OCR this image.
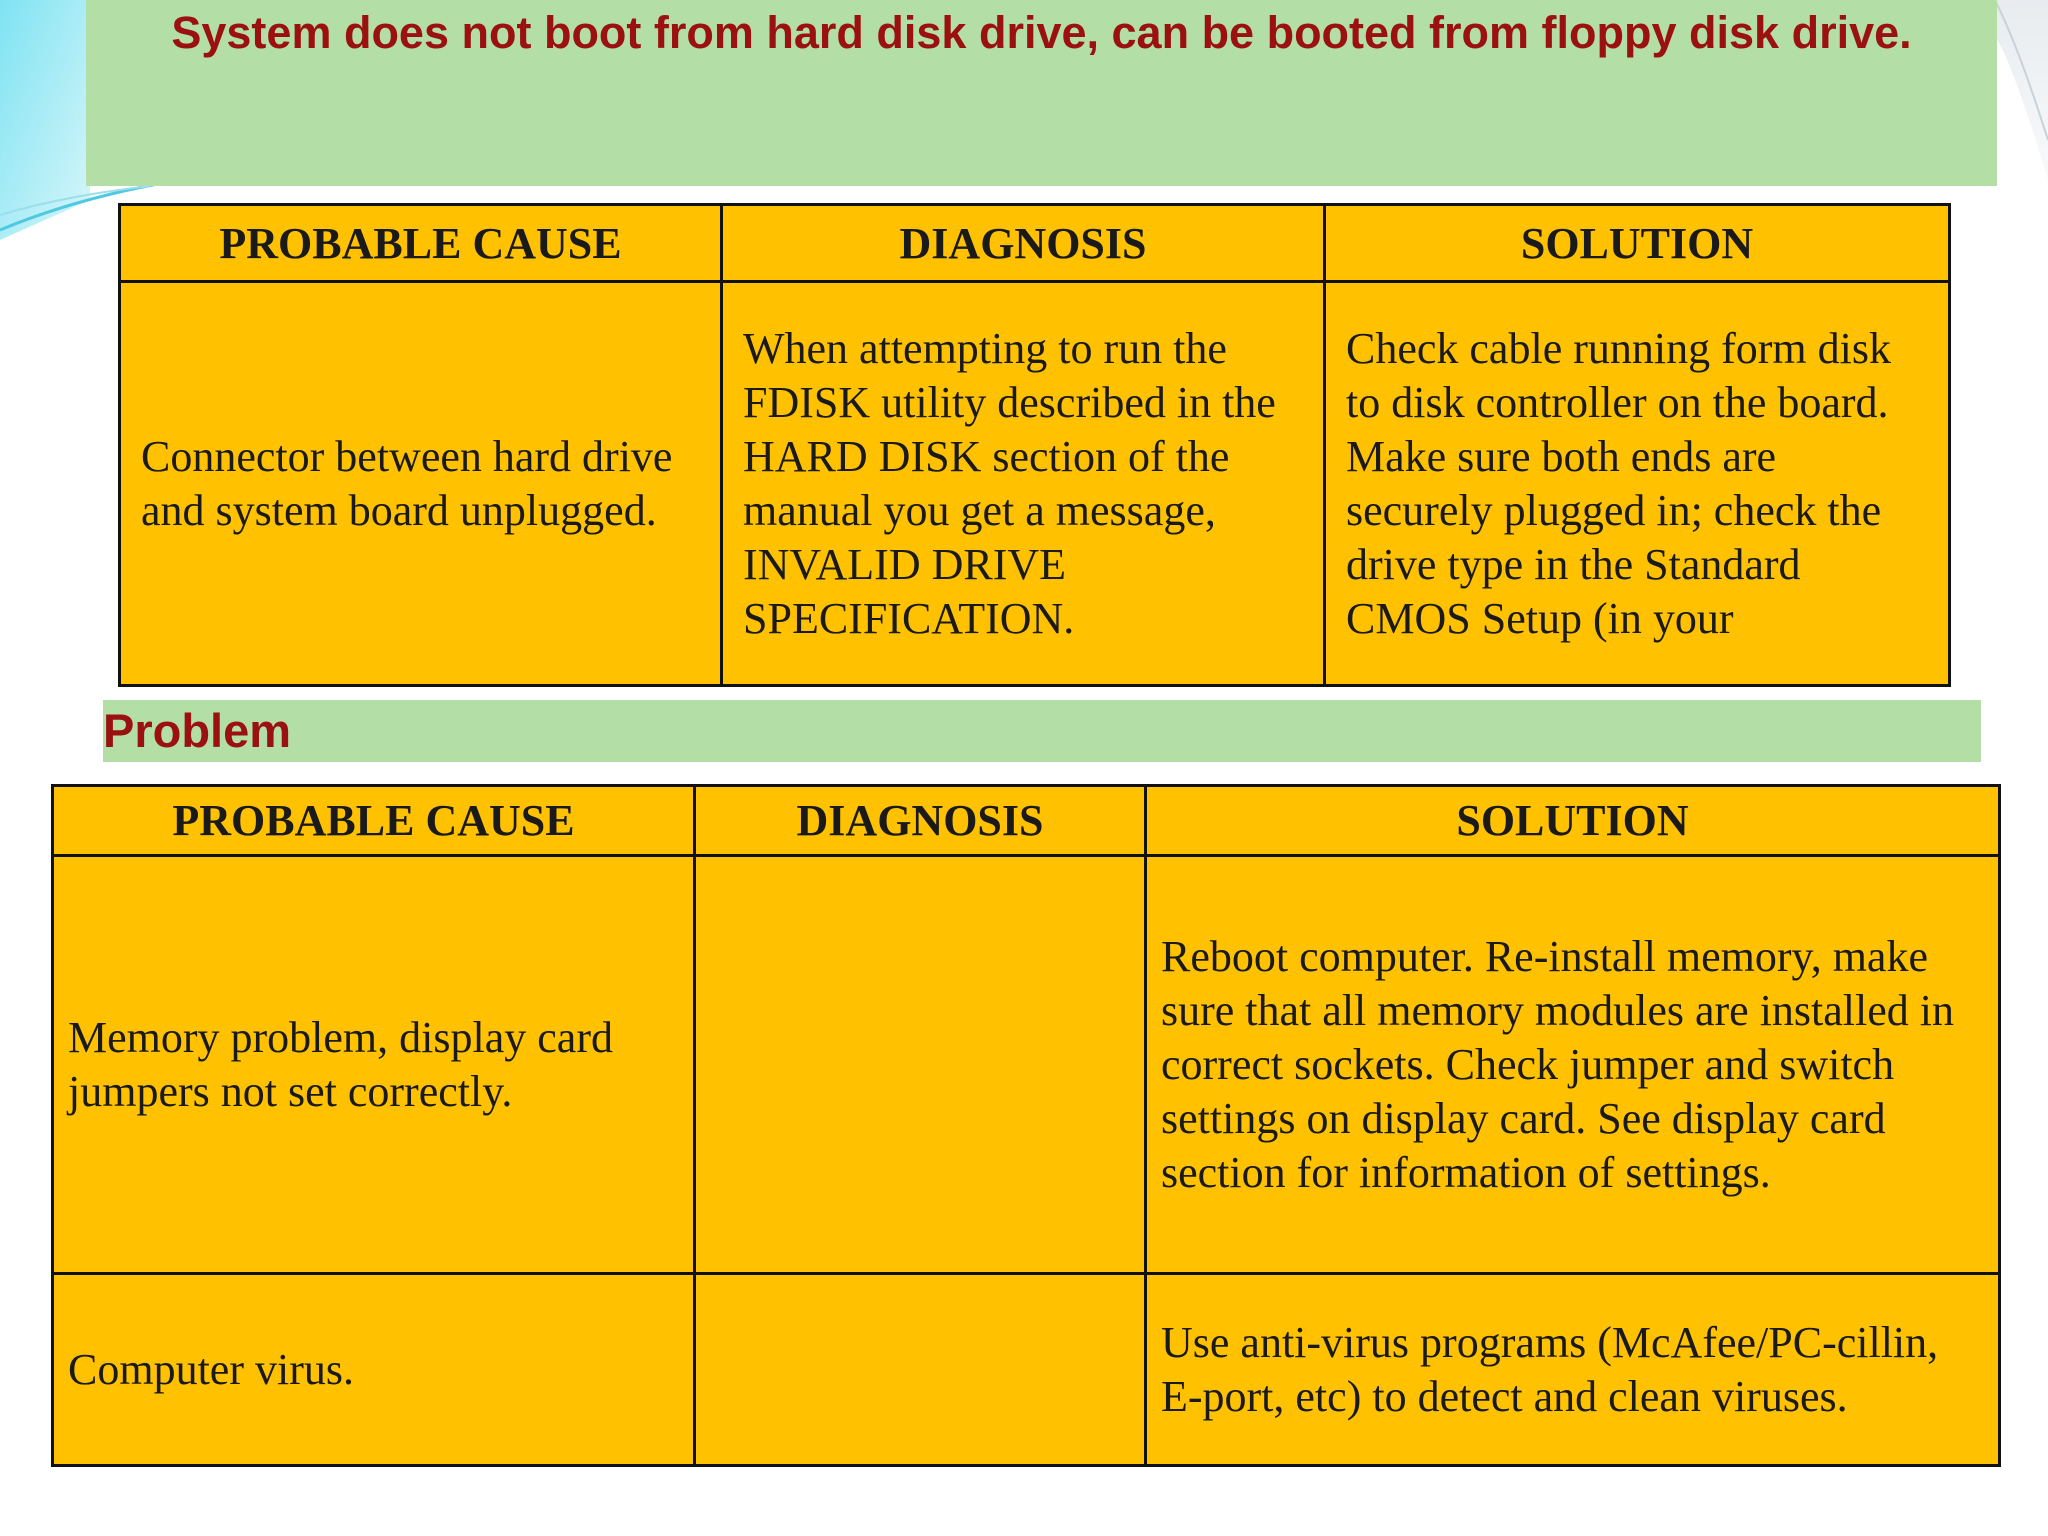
System does not boot from hard disk drive, can be booted from floppy disk drive.

PROBABLE CAUSE	DIAGNOSIS	SOLUTION
Connector between hard drive and system board unplugged.	When attempting to run the FDISK utility described in the HARD DISK section of the manual you get a message, INVALID DRIVE SPECIFICATION.	Check cable running form disk to disk controller on the board. Make sure both ends are securely plugged in; check the drive type in the Standard CMOS Setup (in your

Problem

PROBABLE CAUSE	DIAGNOSIS	SOLUTION
Memory problem, display card jumpers not set correctly.		Reboot computer. Re-install memory, make sure that all memory modules are installed in correct sockets. Check jumper and switch settings on display card. See display card section for information of settings.
Computer virus.		Use anti-virus programs (McAfee/PC-cillin, E-port, etc) to detect and clean viruses.
